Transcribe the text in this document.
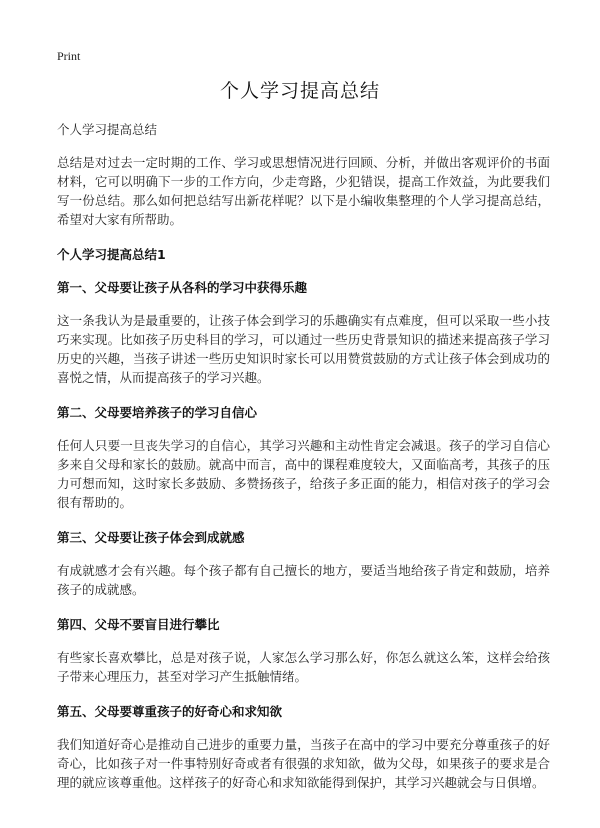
Print
个人学习提高总结

个人学习提高总结

总结是对过去一定时期的工作、学习或思想情况进行回顾、分析，并做出客观评价的书面材料，它可以明确下一步的工作方向，少走弯路，少犯错误，提高工作效益，为此要我们写一份总结。那么如何把总结写出新花样呢？以下是小编收集整理的个人学习提高总结，希望对大家有所帮助。

个人学习提高总结1

第一、父母要让孩子从各科的学习中获得乐趣

这一条我认为是最重要的，让孩子体会到学习的乐趣确实有点难度，但可以采取一些小技巧来实现。比如孩子历史科目的学习，可以通过一些历史背景知识的描述来提高孩子学习历史的兴趣，当孩子讲述一些历史知识时家长可以用赞赏鼓励的方式让孩子体会到成功的喜悦之情，从而提高孩子的学习兴趣。

第二、父母要培养孩子的学习自信心

任何人只要一旦丧失学习的自信心，其学习兴趣和主动性肯定会减退。孩子的学习自信心多来自父母和家长的鼓励。就高中而言，高中的课程难度较大，又面临高考，其孩子的压力可想而知，这时家长多鼓励、多赞扬孩子，给孩子多正面的能力，相信对孩子的学习会很有帮助的。

第三、父母要让孩子体会到成就感

有成就感才会有兴趣。每个孩子都有自己擅长的地方，要适当地给孩子肯定和鼓励，培养孩子的成就感。

第四、父母不要盲目进行攀比

有些家长喜欢攀比，总是对孩子说，人家怎么学习那么好，你怎么就这么笨，这样会给孩子带来心理压力，甚至对学习产生抵触情绪。

第五、父母要尊重孩子的好奇心和求知欲

我们知道好奇心是推动自己进步的重要力量，当孩子在高中的学习中要充分尊重孩子的好奇心，比如孩子对一件事特别好奇或者有很强的求知欲，做为父母，如果孩子的要求是合理的就应该尊重他。这样孩子的好奇心和求知欲能得到保护，其学习兴趣就会与日俱增。
